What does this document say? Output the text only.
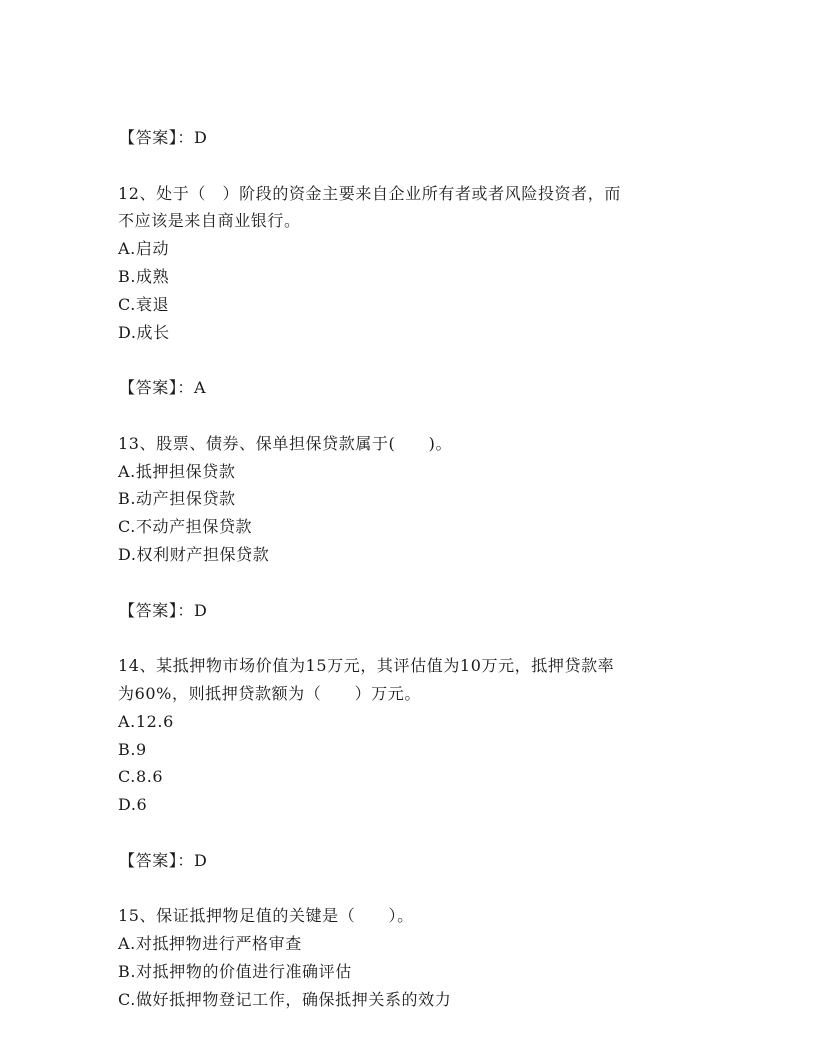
【答案】：D
12、处于（　）阶段的资金主要来自企业所有者或者风险投资者，而
不应该是来自商业银行。
A.启动
B.成熟
C.衰退
D.成长
【答案】：A
13、股票、债券、保单担保贷款属于(　　)。
A.抵押担保贷款
B.动产担保贷款
C.不动产担保贷款
D.权利财产担保贷款
【答案】：D
14、某抵押物市场价值为15万元，其评估值为10万元，抵押贷款率
为60%，则抵押贷款额为（　　）万元。
A.12.6
B.9
C.8.6
D.6
【答案】：D
15、保证抵押物足值的关键是（　　）。
A.对抵押物进行严格审查
B.对抵押物的价值进行准确评估
C.做好抵押物登记工作，确保抵押关系的效力
